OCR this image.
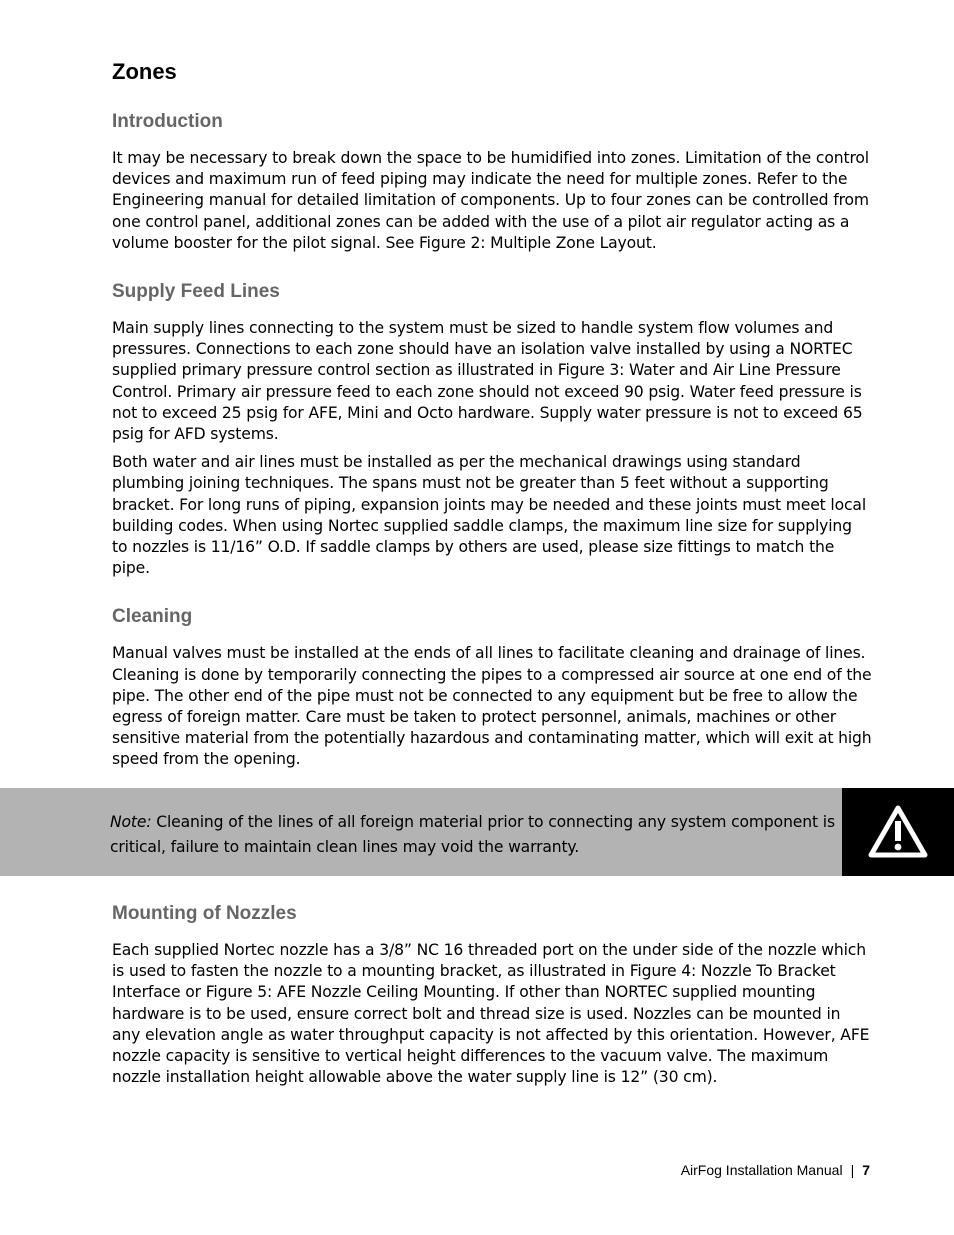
Zones
Introduction

It may be necessary to break down the space to be humidified into zones. Limitation of the control devices and maximum run of feed piping may indicate the need for multiple zones. Refer to the Engineering manual for detailed limitation of components. Up to four zones can be controlled from one control panel, additional zones can be added with the use of a pilot air regulator acting as a volume booster for the pilot signal. See Figure 2: Multiple Zone Layout.

Supply Feed Lines

Main supply lines connecting to the system must be sized to handle system flow volumes and pressures. Connections to each zone should have an isolation valve installed by using a NORTEC supplied primary pressure control section as illustrated in Figure 3: Water and Air Line Pressure Control. Primary air pressure feed to each zone should not exceed 90 psig. Water feed pressure is not to exceed 25 psig for AFE, Mini and Octo hardware. Supply water pressure is not to exceed 65 psig for AFD systems.

Both water and air lines must be installed as per the mechanical drawings using standard plumbing joining techniques. The spans must not be greater than 5 feet without a supporting bracket. For long runs of piping, expansion joints may be needed and these joints must meet local building codes. When using Nortec supplied saddle clamps, the maximum line size for supplying to nozzles is 11/16” O.D. If saddle clamps by others are used, please size fittings to match the pipe.

Cleaning

Manual valves must be installed at the ends of all lines to facilitate cleaning and drainage of lines. Cleaning is done by temporarily connecting the pipes to a compressed air source at one end of the pipe. The other end of the pipe must not be connected to any equipment but be free to allow the egress of foreign matter. Care must be taken to protect personnel, animals, machines or other sensitive material from the potentially hazardous and contaminating matter, which will exit at high speed from the opening.

Note: Cleaning of the lines of all foreign material prior to connecting any system component is critical, failure to maintain clean lines may void the warranty.
Mounting of Nozzles

Each supplied Nortec nozzle has a 3/8” NC 16 threaded port on the under side of the nozzle which is used to fasten the nozzle to a mounting bracket, as illustrated in Figure 4: Nozzle To Bracket Interface or Figure 5: AFE Nozzle Ceiling Mounting. If other than NORTEC supplied mounting hardware is to be used, ensure correct bolt and thread size is used. Nozzles can be mounted in any elevation angle as water throughput capacity is not affected by this orientation. However, AFE nozzle capacity is sensitive to vertical height differences to the vacuum valve. The maximum nozzle installation height allowable above the water supply line is 12” (30 cm).

AirFog Installation Manual | 7
